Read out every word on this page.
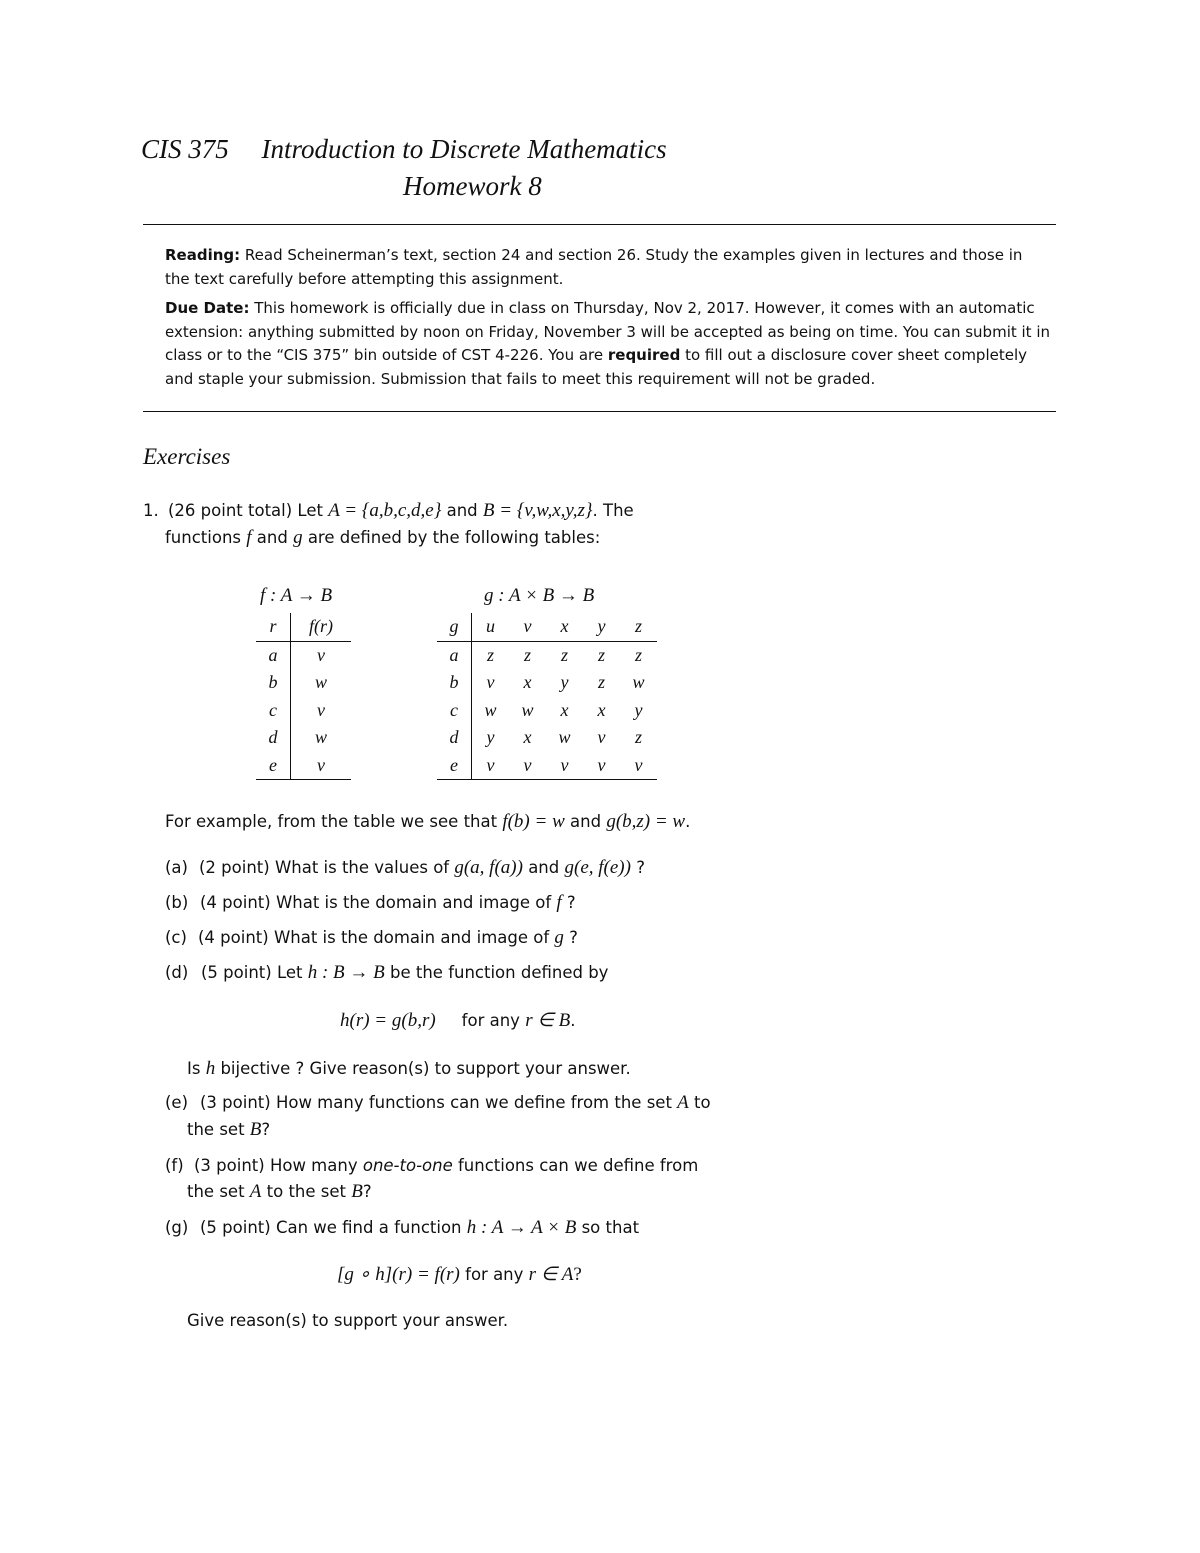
CIS 375 Introduction to Discrete Mathematics
Homework 8

Reading: Read Scheinerman’s text, section 24 and section 26. Study the examples given in lectures and those in the text carefully before attempting this assignment.

Due Date: This homework is officially due in class on Thursday, Nov 2, 2017. However, it comes with an automatic extension: anything submitted by noon on Friday, November 3 will be accepted as being on time. You can submit it in class or to the “CIS 375” bin outside of CST 4-226. You are required to fill out a disclosure cover sheet completely and staple your submission. Submission that fails to meet this requirement will not be graded.

Exercises
1. (26 point total) Let A = {a,b,c,d,e} and B = {v,w,x,y,z}. The
functions f and g are defined by the following tables:
f : A → B
r	f(r)
a	v
b	w
c	v
d	w
e	v
g : A × B → B
g	u	v	x	y	z
a	z	z	z	z	z
b	v	x	y	z	w
c	w	w	x	x	y
d	y	x	w	v	z
e	v	v	v	v	v
For example, from the table we see that f(b) = w and g(b,z) = w.
(a) (2 point) What is the values of g(a, f(a)) and g(e, f(e)) ?
(b) (4 point) What is the domain and image of f ?
(c) (4 point) What is the domain and image of g ?
(d) (5 point) Let h : B → B be the function defined by
h(r) = g(b,r) for any r ∈ B.
Is h bijective ? Give reason(s) to support your answer.
(e) (3 point) How many functions can we define from the set A to
the set B?
(f) (3 point) How many one-to-one functions can we define from
the set A to the set B?
(g) (5 point) Can we find a function h : A → A × B so that
[g ∘ h](r) = f(r) for any r ∈ A?
Give reason(s) to support your answer.
